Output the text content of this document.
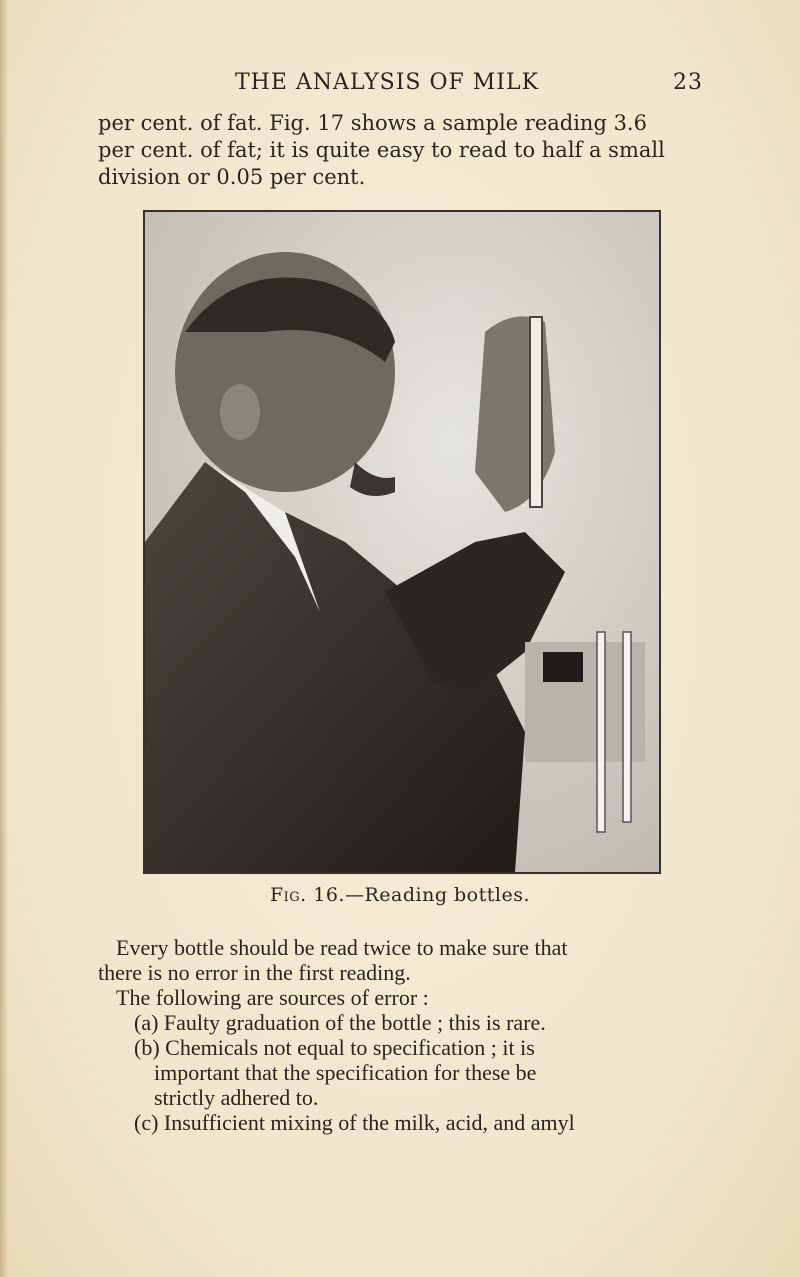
THE ANALYSIS OF MILK	23
per cent. of fat. Fig. 17 shows a sample reading 3.6
per cent. of fat; it is quite easy to read to half a small
division or 0.05 per cent.
Fig. 16.—Reading bottles.
Every bottle should be read twice to make sure that
there is no error in the first reading.
The following are sources of error :
(a) Faulty graduation of the bottle ; this is rare.
(b) Chemicals not equal to specification ; it is
important that the specification for these be
strictly adhered to.
(c) Insufficient mixing of the milk, acid, and amyl
